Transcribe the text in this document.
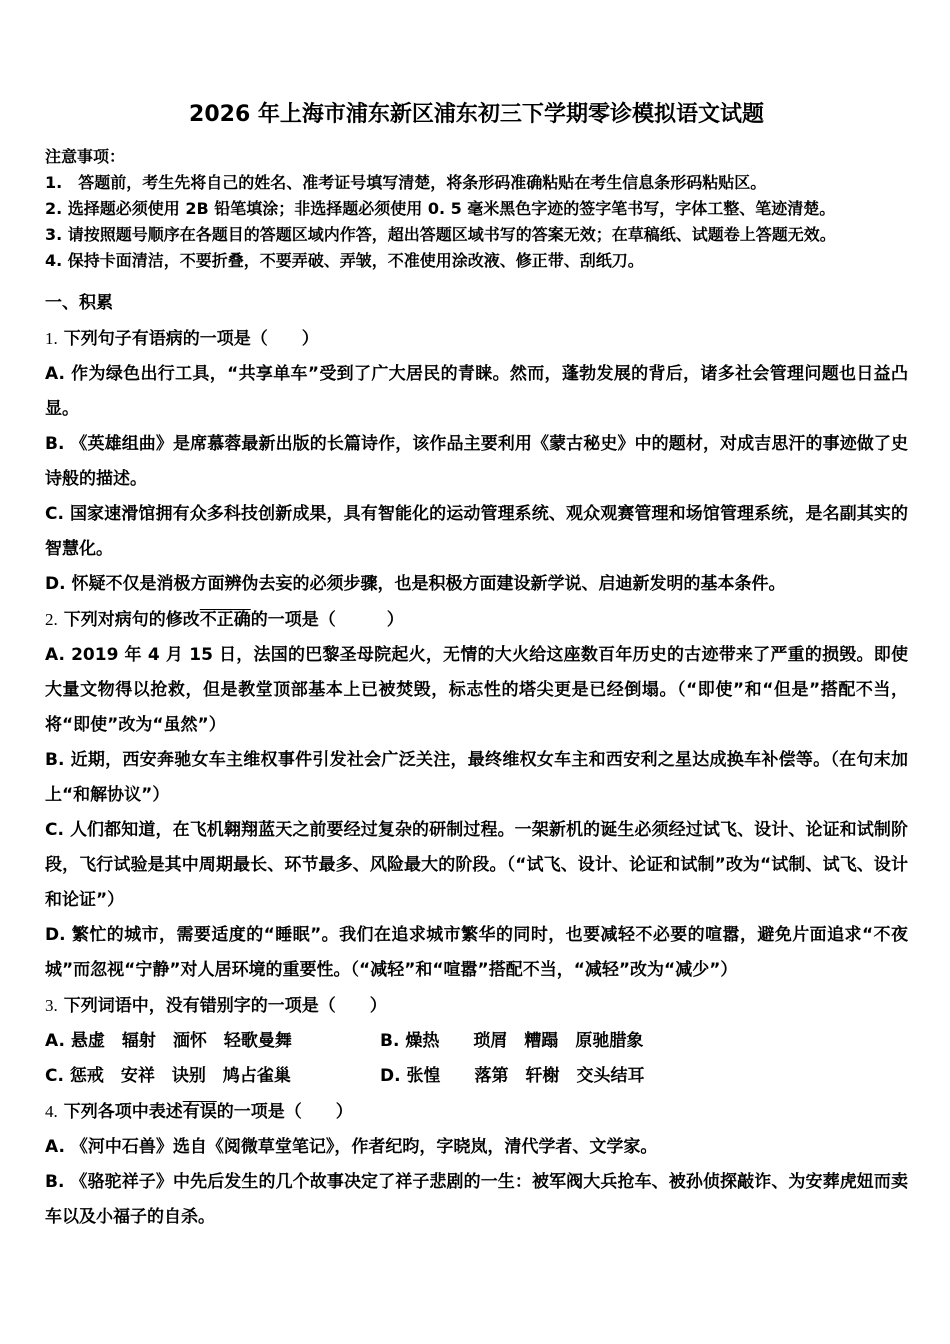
2026 年上海市浦东新区浦东初三下学期零诊模拟语文试题

注意事项：

1.　答题前，考生先将自己的姓名、准考证号填写清楚，将条形码准确粘贴在考生信息条形码粘贴区。

2. 选择题必须使用 2B 铅笔填涂；非选择题必须使用 0. 5 毫米黑色字迹的签字笔书写，字体工整、笔迹清楚。

3. 请按照题号顺序在各题目的答题区域内作答，超出答题区域书写的答案无效；在草稿纸、试题卷上答题无效。

4. 保持卡面清洁，不要折叠，不要弄破、弄皱，不准使用涂改液、修正带、刮纸刀。

一、积累

1. 下列句子有语病的一项是（　　）

A. 作为绿色出行工具，“共享单车”受到了广大居民的青睐。然而，蓬勃发展的背后，诸多社会管理问题也日益凸显。

B. 《英雄组曲》是席慕蓉最新出版的长篇诗作，该作品主要利用《蒙古秘史》中的题材，对成吉思汗的事迹做了史诗般的描述。

C. 国家速滑馆拥有众多科技创新成果，具有智能化的运动管理系统、观众观赛管理和场馆管理系统，是名副其实的智慧化。

D. 怀疑不仅是消极方面辨伪去妄的必须步骤，也是积极方面建设新学说、启迪新发明的基本条件。

2. 下列对病句的修改不正确的一项是（　　　）

A. 2019 年 4 月 15 日，法国的巴黎圣母院起火，无情的大火给这座数百年历史的古迹带来了严重的损毁。即使大量文物得以抢救，但是教堂顶部基本上已被焚毁，标志性的塔尖更是已经倒塌。（“即使”和“但是”搭配不当，将“即使”改为“虽然”）

B. 近期，西安奔驰女车主维权事件引发社会广泛关注，最终维权女车主和西安利之星达成换车补偿等。（在句末加上“和解协议”）

C. 人们都知道，在飞机翱翔蓝天之前要经过复杂的研制过程。一架新机的诞生必须经过试飞、设计、论证和试制阶段，飞行试验是其中周期最长、环节最多、风险最大的阶段。（“试飞、设计、论证和试制”改为“试制、试飞、设计和论证”）

D. 繁忙的城市，需要适度的“睡眠”。我们在追求城市繁华的同时，也要减轻不必要的喧嚣，避免片面追求“不夜城”而忽视“宁静”对人居环境的重要性。（“减轻”和“喧嚣”搭配不当，“减轻”改为“减少”）

3. 下列词语中，没有错别字的一项是（　　）

A. 悬虚　辐射　湎怀　轻歌曼舞	B. 燥热　　琐屑　糟蹋　原驰腊象

C. 惩戒　安祥　诀别　鸠占雀巢	D. 张惶　　落第　轩榭　交头结耳

4. 下列各项中表述有误的一项是（　　）

A. 《河中石兽》选自《阅微草堂笔记》，作者纪昀，字晓岚，清代学者、文学家。

B. 《骆驼祥子》中先后发生的几个故事决定了祥子悲剧的一生：被军阀大兵抢车、被孙侦探敲诈、为安葬虎妞而卖车以及小福子的自杀。
